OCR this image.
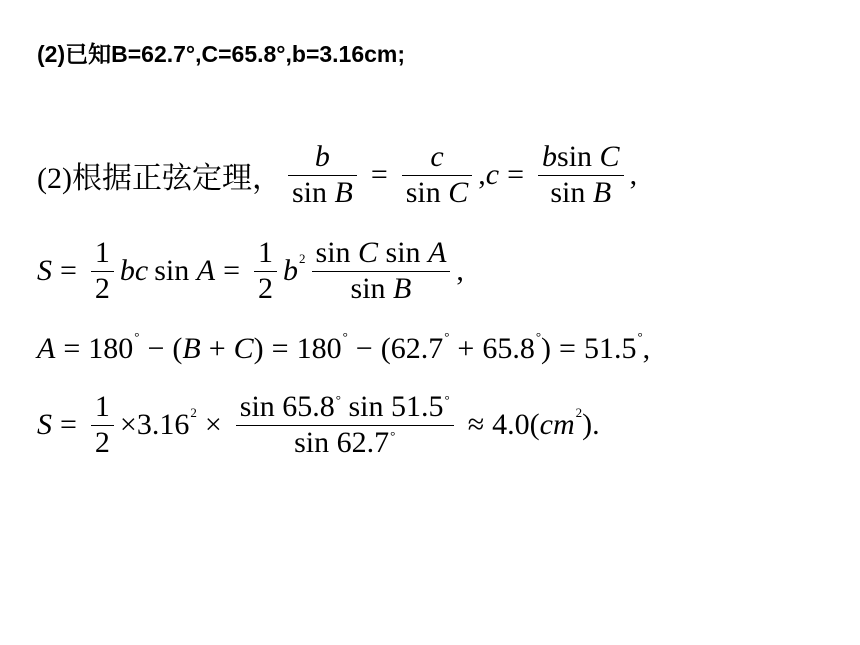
(2)已知B=62.7°,C=65.8°,b=3.16cm;
(2)根据正弦定理 ， $\frac{b}{\text{sin B}} = \frac{c}{\text{sin C}}$ , $c = \frac{\text{bsin C}}{\text{sin B}}$ ,
$S = \frac{1}{2}$ b c sin
$A = \frac{1}{2}$ b $2 \frac{\text{sin C sin A}}{\text{sin B}}$ ,
A = 180 ° − ( B + C ) = 180 ° − ( 62.7 ° + 65.8 ° ) = 51.5 ° ,
$S = \frac{1}{2} \times 3.16$ $2 \times \frac{\sin 65.8^\circ \sin 51.5^\circ}{\sin 62.7^\circ} \approx 4.0$ ( cm 2 ) .
